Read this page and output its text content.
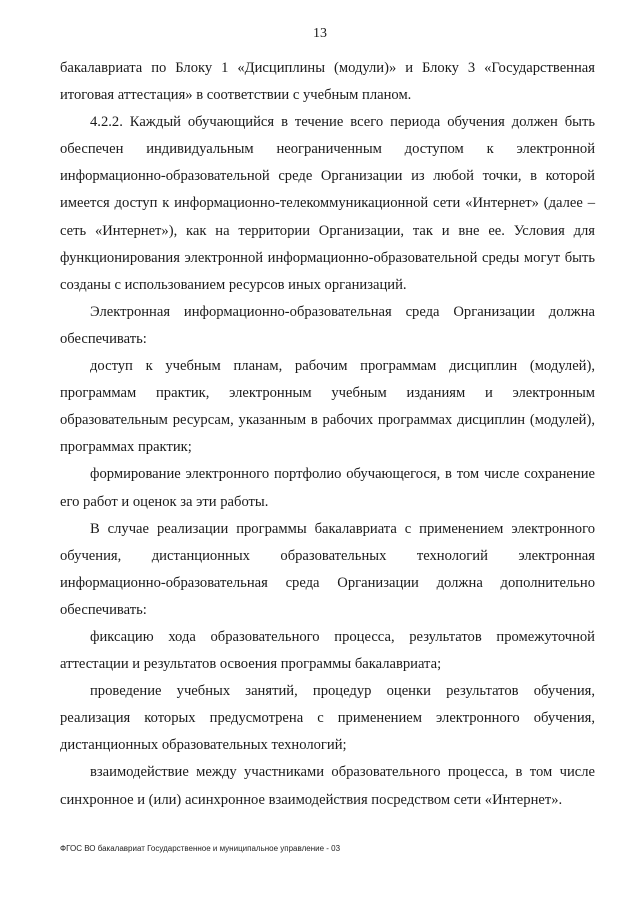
13

бакалавриата по Блоку 1 «Дисциплины (модули)» и Блоку 3 «Государственная итоговая аттестация» в соответствии с учебным планом.

4.2.2. Каждый обучающийся в течение всего периода обучения должен быть обеспечен индивидуальным неограниченным доступом к электронной информационно-образовательной среде Организации из любой точки, в которой имеется доступ к информационно-телекоммуникационной сети «Интернет» (далее – сеть «Интернет»), как на территории Организации, так и вне ее. Условия для функционирования электронной информационно-образовательной среды могут быть созданы с использованием ресурсов иных организаций.

Электронная информационно-образовательная среда Организации должна обеспечивать:

доступ к учебным планам, рабочим программам дисциплин (модулей), программам практик, электронным учебным изданиям и электронным образовательным ресурсам, указанным в рабочих программах дисциплин (модулей), программах практик;

формирование электронного портфолио обучающегося, в том числе сохранение его работ и оценок за эти работы.

В случае реализации программы бакалавриата с применением электронного обучения, дистанционных образовательных технологий электронная информационно-образовательная среда Организации должна дополнительно обеспечивать:

фиксацию хода образовательного процесса, результатов промежуточной аттестации и результатов освоения программы бакалавриата;

проведение учебных занятий, процедур оценки результатов обучения, реализация которых предусмотрена с применением электронного обучения, дистанционных образовательных технологий;

взаимодействие между участниками образовательного процесса, в том числе синхронное и (или) асинхронное взаимодействия посредством сети «Интернет».

ФГОС ВО бакалавриат Государственное и муниципальное управление - 03
